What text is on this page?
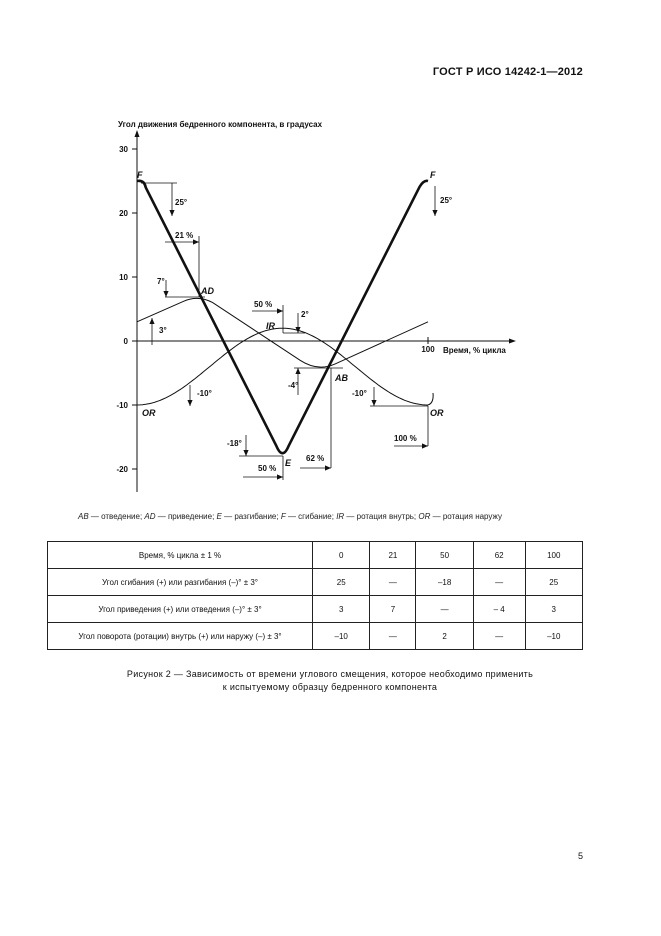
ГОСТ Р ИСО 14242-1—2012
30
20
10
0
-10
-20
100 Время, % цикла
Угол движения бедренного компонента, в градусах
F	F
25°	25°
21 %
AD
7°
3°
50 %
IR
2°
AB
-4°
62 %
-10°
OR
-10°
OR
100 %
-18°
E
50 %
AB — отведение; AD — приведение; E — разгибание; F — сгибание; IR — ротация внутрь; OR — ротация наружу
Время, % цикла ± 1 %	0	21	50	62	100
Угол сгибания (+) или разгибания (–)° ± 3°	25	—	–18	—	25
Угол приведения (+) или отведения (–)° ± 3°	3	7	—	– 4	3
Угол поворота (ротации) внутрь (+) или наружу (–) ± 3°	–10	—	2	—	–10
Рисунок 2 — Зависимость от времени углового смещения, которое необходимо применить
к испытуемому образцу бедренного компонента
5
